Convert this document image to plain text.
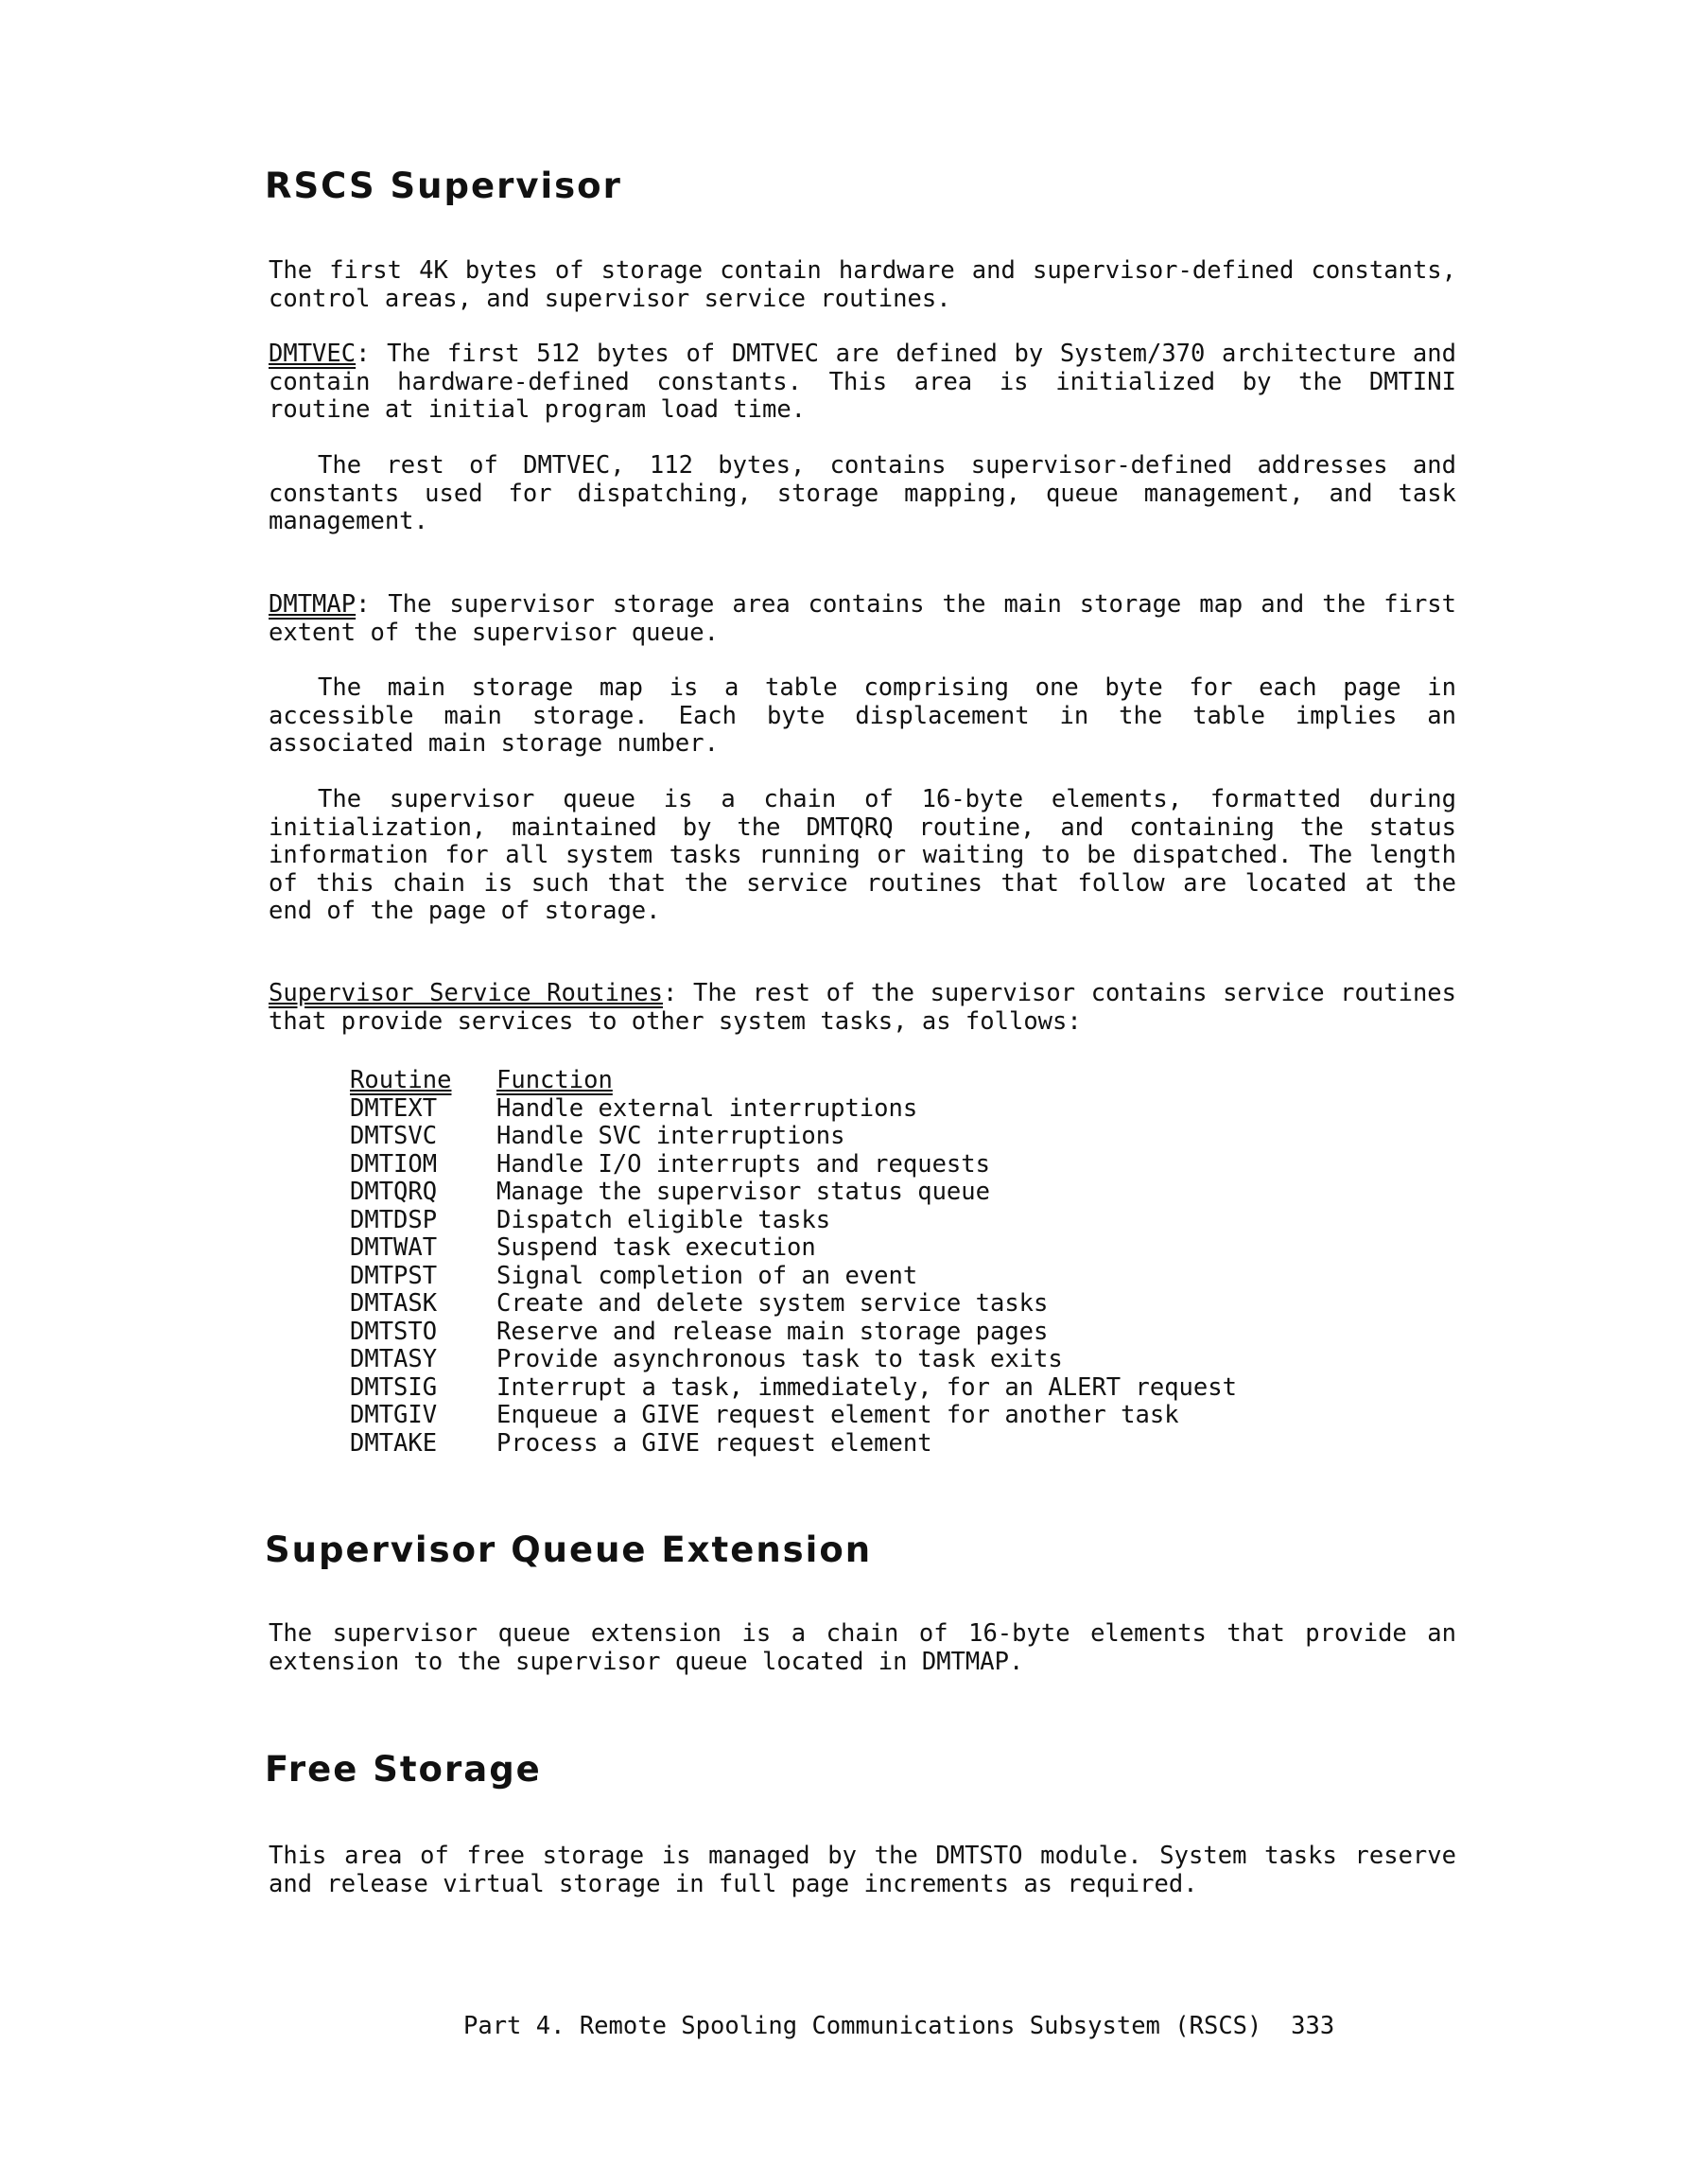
RSCS Supervisor

The first 4K bytes of storage contain hardware and supervisor-defined constants, control areas, and supervisor service routines.

DMTVEC: The first 512 bytes of DMTVEC are defined by System/370 architecture and contain hardware-defined constants. This area is initialized by the DMTINI routine at initial program load time.

The rest of DMTVEC, 112 bytes, contains supervisor-defined addresses and constants used for dispatching, storage mapping, queue management, and task management.

DMTMAP: The supervisor storage area contains the main storage map and the first extent of the supervisor queue.

The main storage map is a table comprising one byte for each page in accessible main storage. Each byte displacement in the table implies an associated main storage number.

The supervisor queue is a chain of 16-byte elements, formatted during initialization, maintained by the DMTQRQ routine, and containing the status information for all system tasks running or waiting to be dispatched. The length of this chain is such that the service routines that follow are located at the end of the page of storage.

Supervisor Service Routines: The rest of the supervisor contains service routines that provide services to other system tasks, as follows:

Routine	Function
DMTEXT	Handle external interruptions
DMTSVC	Handle SVC interruptions
DMTIOM	Handle I/O interrupts and requests
DMTQRQ	Manage the supervisor status queue
DMTDSP	Dispatch eligible tasks
DMTWAT	Suspend task execution
DMTPST	Signal completion of an event
DMTASK	Create and delete system service tasks
DMTSTO	Reserve and release main storage pages
DMTASY	Provide asynchronous task to task exits
DMTSIG	Interrupt a task, immediately, for an ALERT request
DMTGIV	Enqueue a GIVE request element for another task
DMTAKE	Process a GIVE request element
Supervisor Queue Extension

The supervisor queue extension is a chain of 16-byte elements that provide an extension to the supervisor queue located in DMTMAP.

Free Storage

This area of free storage is managed by the DMTSTO module. System tasks reserve and release virtual storage in full page increments as required.

Part 4. Remote Spooling Communications Subsystem (RSCS) 333
